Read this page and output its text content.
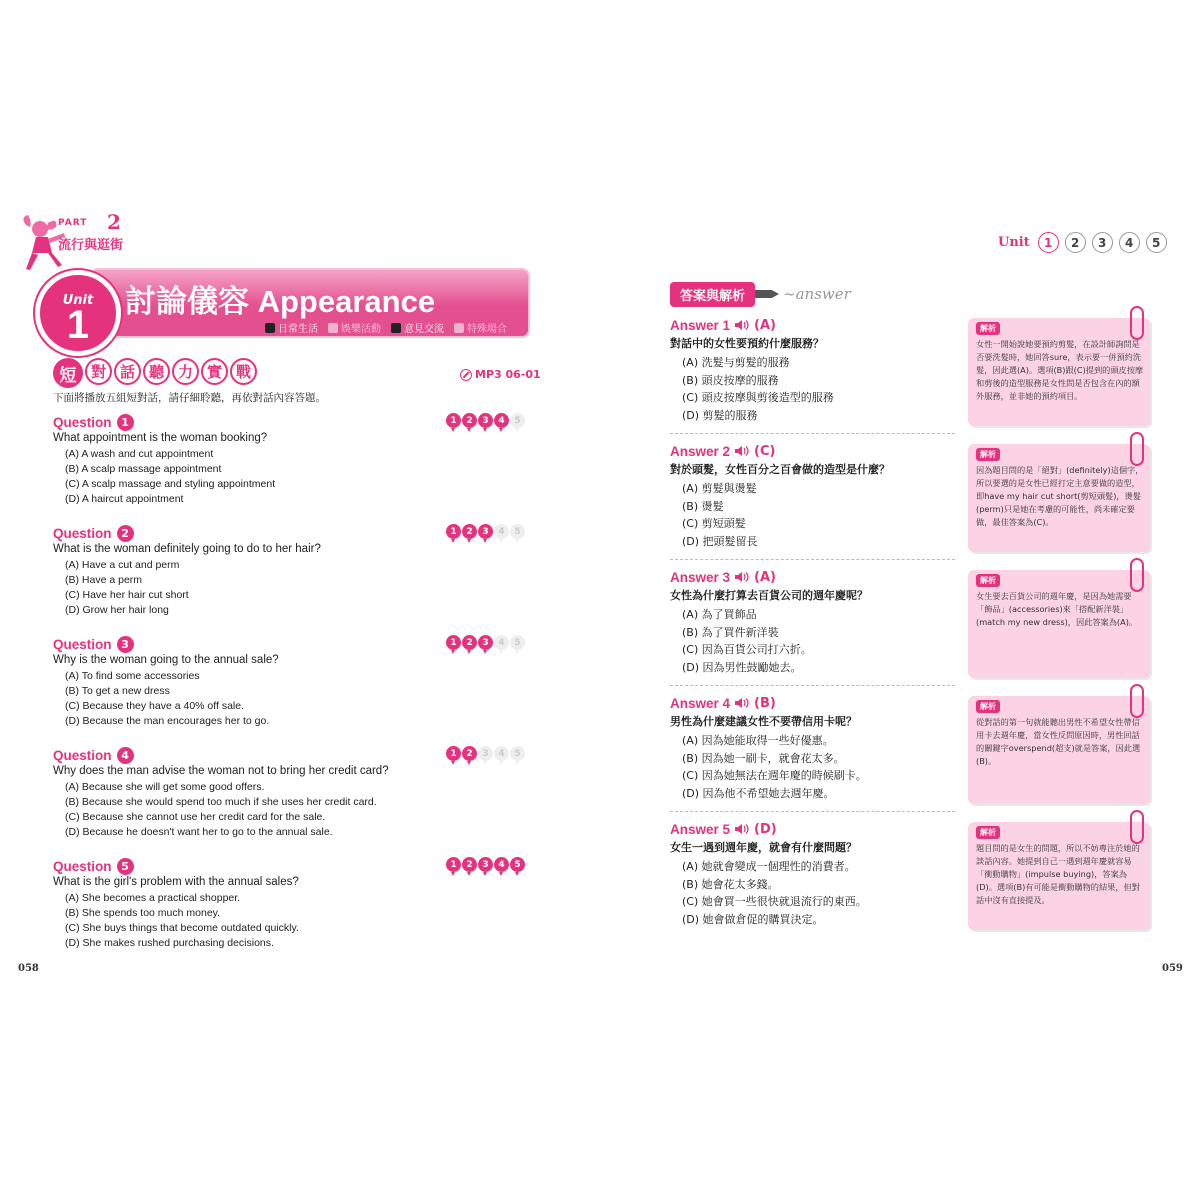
PART 2
流行與逛街
Unit
1
討論儀容 Appearance
日常生活 娛樂活動 意見交流 特殊場合
短 對 話 聽 力 實 戰	MP3 06-01
下面將播放五組短對話，請仔細聆聽，再依對話內容答題。
Question 1	1	2	3	4	5
What appointment is the woman booking?
(A) A wash and cut appointment
(B) A scalp massage appointment
(C) A scalp massage and styling appointment
(D) A haircut appointment
Question 2	1	2	3	4	5
What is the woman definitely going to do to her hair?
(A) Have a cut and perm
(B) Have a perm
(C) Have her hair cut short
(D) Grow her hair long
Question 3	1	2	3	4	5
Why is the woman going to the annual sale?
(A) To find some accessories
(B) To get a new dress
(C) Because they have a 40% off sale.
(D) Because the man encourages her to go.
Question 4	1	2	3	4	5
Why does the man advise the woman not to bring her credit card?
(A) Because she will get some good offers.
(B) Because she would spend too much if she uses her credit card.
(C) Because she cannot use her credit card for the sale.
(D) Because he doesn't want her to go to the annual sale.
Question 5	1	2	3	4	5
What is the girl's problem with the annual sales?
(A) She becomes a practical shopper.
(B) She spends too much money.
(C) She buys things that become outdated quickly.
(D) She makes rushed purchasing decisions.
058
Unit	1	2	3	4	5
答案與解析	~answer
Answer 1 (A)
對話中的女性要預約什麼服務？
(A) 洗髮与剪髮的服務
(B) 頭皮按摩的服務
(C) 頭皮按摩與剪後造型的服務
(D) 剪髮的服務
解析
女性一開始說她要預約剪髮，在設計師詢問是否要洗髮時，她回答sure，表示要一併預約洗髮，因此選(A)。選項(B)跟(C)提到的頭皮按摩和剪後的造型服務是女性問是否包含在內的額外服務，並非她的預約項目。
Answer 2 (C)
對於頭髮，女性百分之百會做的造型是什麼？
(A) 剪髮與燙髮
(B) 燙髮
(C) 剪短頭髮
(D) 把頭髮留長
解析
因為題目問的是「絕對」(definitely)這個字，所以要選的是女性已經打定主意要做的造型，即have my hair cut short(剪短頭髮)，燙髮(perm)只是她在考慮的可能性，尚未確定要做，最佳答案為(C)。
Answer 3 (A)
女性為什麼打算去百貨公司的週年慶呢？
(A) 為了買飾品
(B) 為了買件新洋裝
(C) 因為百貨公司打六折。
(D) 因為男性鼓勵她去。
解析
女生要去百貨公司的週年慶，是因為她需要「飾品」(accessories)來「搭配新洋裝」(match my new dress)，因此答案為(A)。
Answer 4 (B)
男性為什麼建議女性不要帶信用卡呢？
(A) 因為她能取得一些好優惠。
(B) 因為她一刷卡，就會花太多。
(C) 因為她無法在週年慶的時候刷卡。
(D) 因為他不希望她去週年慶。
解析
從對話的第一句就能聽出男性不希望女性帶信用卡去週年慶，當女性反問原因時，男性回話的關鍵字overspend(超支)就是答案，因此選(B)。
Answer 5 (D)
女生一遇到週年慶，就會有什麼問題？
(A) 她就會變成一個理性的消費者。
(B) 她會花太多錢。
(C) 她會買一些很快就退流行的東西。
(D) 她會做倉促的購買決定。
解析
題目問的是女生的問題，所以不妨專注於她的談話內容。她提到自己一遇到週年慶就容易「衝動購物」(impulse buying)，答案為(D)。選項(B)有可能是衝動購物的結果，但對話中沒有直接提及。
059
